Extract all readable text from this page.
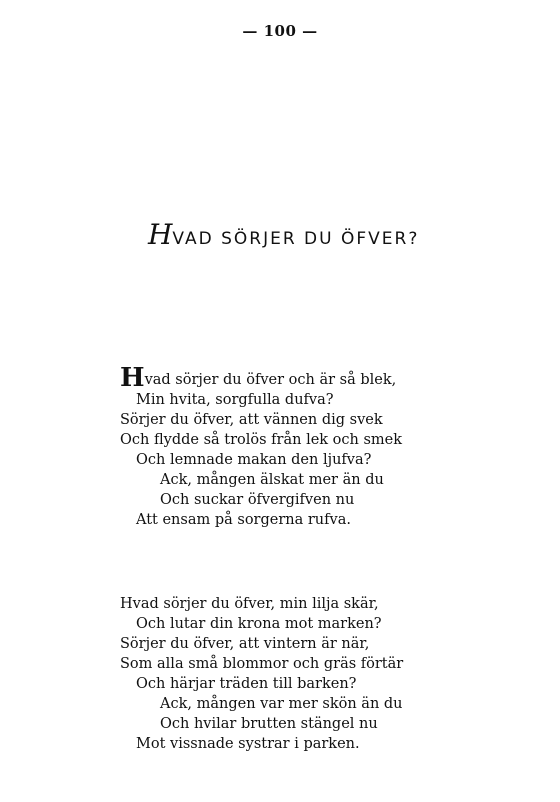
— 100 —
HVAD SÖRJER DU ÖFVER?
Hvad sörjer du öfver och är så blek,
Min hvita, sorgfulla dufva?
Sörjer du öfver, att vännen dig svek
Och flydde så trolös från lek och smek
Och lemnade makan den ljufva?
Ack, mången älskat mer än du
Och suckar öfvergifven nu
Att ensam på sorgerna rufva.
Hvad sörjer du öfver, min lilja skär,
Och lutar din krona mot marken?
Sörjer du öfver, att vintern är när,
Som alla små blommor och gräs förtär
Och härjar träden till barken?
Ack, mången var mer skön än du
Och hvilar brutten stängel nu
Mot vissnade systrar i parken.
